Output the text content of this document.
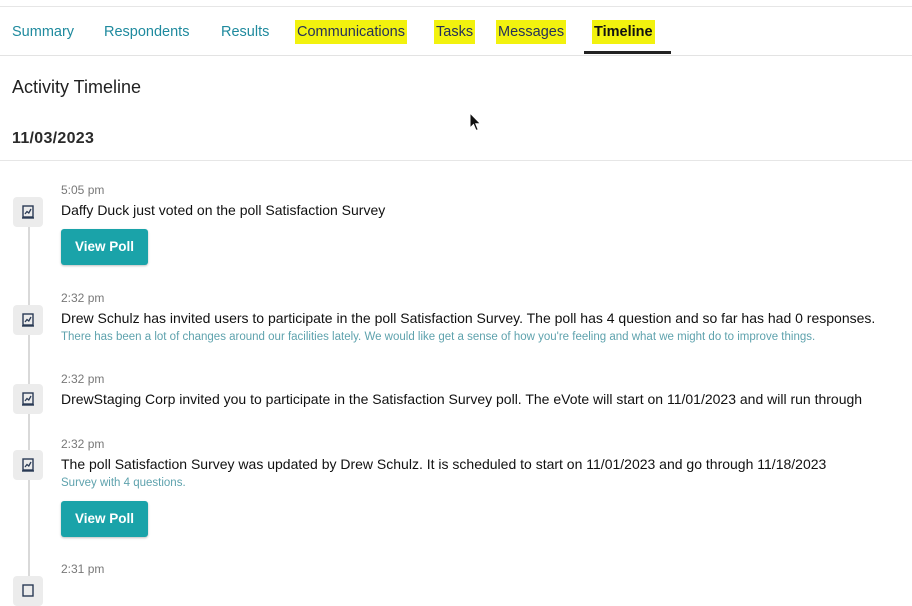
Summary Respondents Results Communications Tasks Messages Timeline
Activity Timeline
11/03/2023
5:05 pm
Daffy Duck just voted on the poll Satisfaction Survey
View Poll
2:32 pm
Drew Schulz has invited users to participate in the poll Satisfaction Survey. The poll has 4 question and so far has had 0 responses.
There has been a lot of changes around our facilities lately. We would like get a sense of how you're feeling and what we might do to improve things.
2:32 pm
DrewStaging Corp invited you to participate in the Satisfaction Survey poll. The eVote will start on 11/01/2023 and will run through
2:32 pm
The poll Satisfaction Survey was updated by Drew Schulz. It is scheduled to start on 11/01/2023 and go through 11/18/2023
Survey with 4 questions.
View Poll
2:31 pm
